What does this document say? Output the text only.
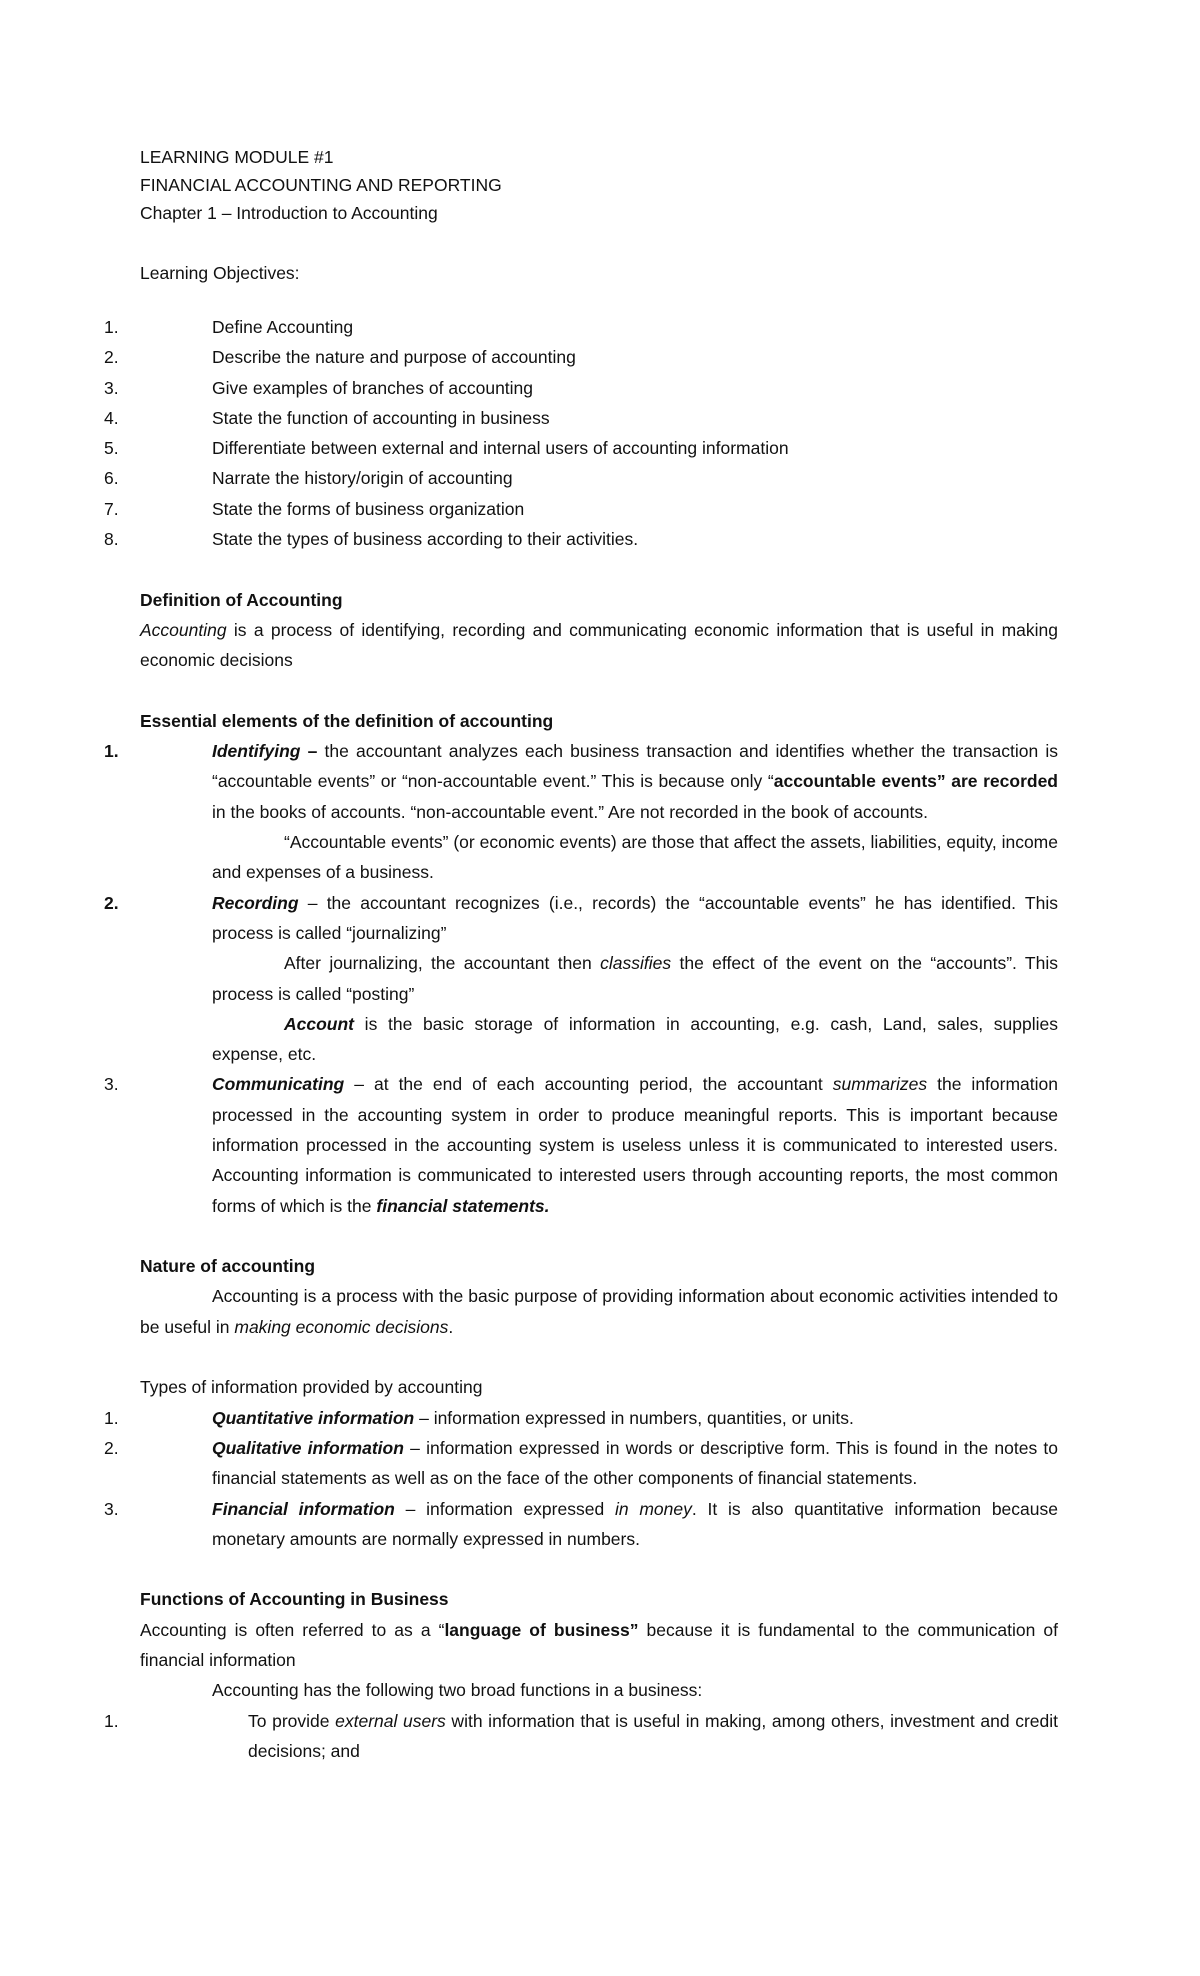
LEARNING MODULE #1

FINANCIAL ACCOUNTING AND REPORTING

Chapter 1 – Introduction to Accounting

Learning Objectives:

1.	Define Accounting
2.	Describe the nature and purpose of accounting
3.	Give examples of branches of accounting
4.	State the function of accounting in business
5.	Differentiate between external and internal users of accounting information
6.	Narrate the history/origin of accounting
7.	State the forms of business organization
8.	State the types of business according to their activities.

Definition of Accounting

Accounting is a process of identifying, recording and communicating economic information that is useful in making economic decisions

Essential elements of the definition of accounting

1.	Identifying – the accountant analyzes each business transaction and identifies whether the transaction is “accountable events” or “non-accountable event.” This is because only “accountable events” are recorded in the books of accounts. “non-accountable event.” Are not recorded in the book of accounts.
“Accountable events” (or economic events) are those that affect the assets, liabilities, equity, income and expenses of a business.
2.	Recording – the accountant recognizes (i.e., records) the “accountable events” he has identified. This process is called “journalizing”
After journalizing, the accountant then classifies the effect of the event on the “accounts”. This process is called “posting”
Account is the basic storage of information in accounting, e.g. cash, Land, sales, supplies expense, etc.
3.	Communicating – at the end of each accounting period, the accountant summarizes the information processed in the accounting system in order to produce meaningful reports. This is important because information processed in the accounting system is useless unless it is communicated to interested users. Accounting information is communicated to interested users through accounting reports, the most common forms of which is the financial statements.

Nature of accounting

Accounting is a process with the basic purpose of providing information about economic activities intended to be useful in making economic decisions.

Types of information provided by accounting

1.	Quantitative information – information expressed in numbers, quantities, or units.
2.	Qualitative information – information expressed in words or descriptive form. This is found in the notes to financial statements as well as on the face of the other components of financial statements.
3.	Financial information – information expressed in money. It is also quantitative information because monetary amounts are normally expressed in numbers.

Functions of Accounting in Business

Accounting is often referred to as a “language of business” because it is fundamental to the communication of financial information

Accounting has the following two broad functions in a business:

1.	To provide external users with information that is useful in making, among others, investment and credit decisions; and
